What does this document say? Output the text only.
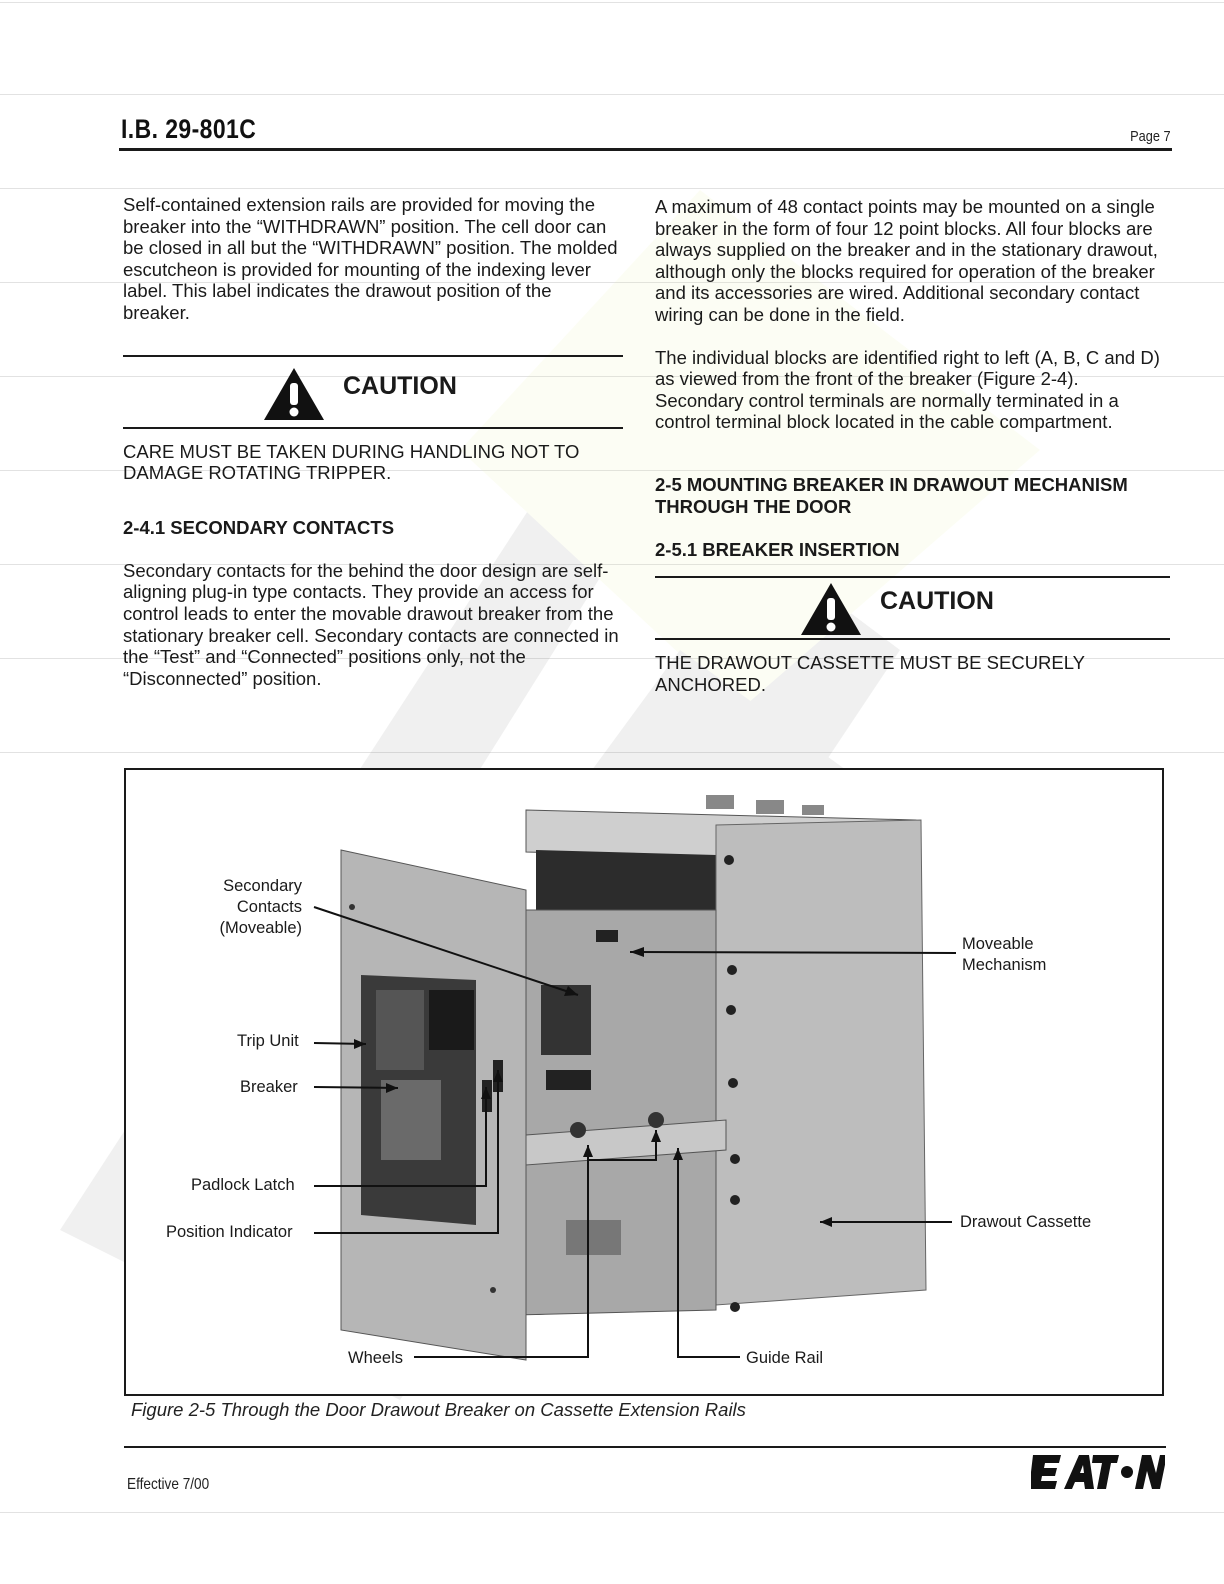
I.B. 29-801C	Page 7

Self-contained extension rails are provided for moving the breaker into the “WITHDRAWN” position. The cell door can be closed in all but the “WITHDRAWN” position. The molded escutcheon is provided for mounting of the indexing lever label. This label indicates the drawout position of the breaker.

CAUTION

CARE MUST BE TAKEN DURING HANDLING NOT TO DAMAGE ROTATING TRIPPER.

2-4.1 SECONDARY CONTACTS

Secondary contacts for the behind the door design are self-aligning plug-in type contacts. They provide an access for control leads to enter the movable drawout breaker from the stationary breaker cell. Secondary contacts are connected in the “Test” and “Connected” positions only, not the “Disconnected” position.

A maximum of 48 contact points may be mounted on a single breaker in the form of four 12 point blocks. All four blocks are always supplied on the breaker and in the stationary drawout, although only the blocks required for operation of the breaker and its accessories are wired. Additional secondary contact wiring can be done in the field.

The individual blocks are identified right to left (A, B, C and D) as viewed from the front of the breaker (Figure 2-4). Secondary control terminals are normally terminated in a control terminal block located in the cable compartment.

2-5 MOUNTING BREAKER IN DRAWOUT MECHANISM THROUGH THE DOOR

2-5.1 BREAKER INSERTION

CAUTION

THE DRAWOUT CASSETTE MUST BE SECURELY ANCHORED.

Secondary
Contacts
(Moveable)
Moveable
Mechanism
Trip Unit
Breaker
Padlock Latch
Position Indicator
Drawout Cassette
Wheels	Guide Rail
Figure 2-5 Through the Door Drawout Breaker on Cassette Extension Rails
Effective 7/00
